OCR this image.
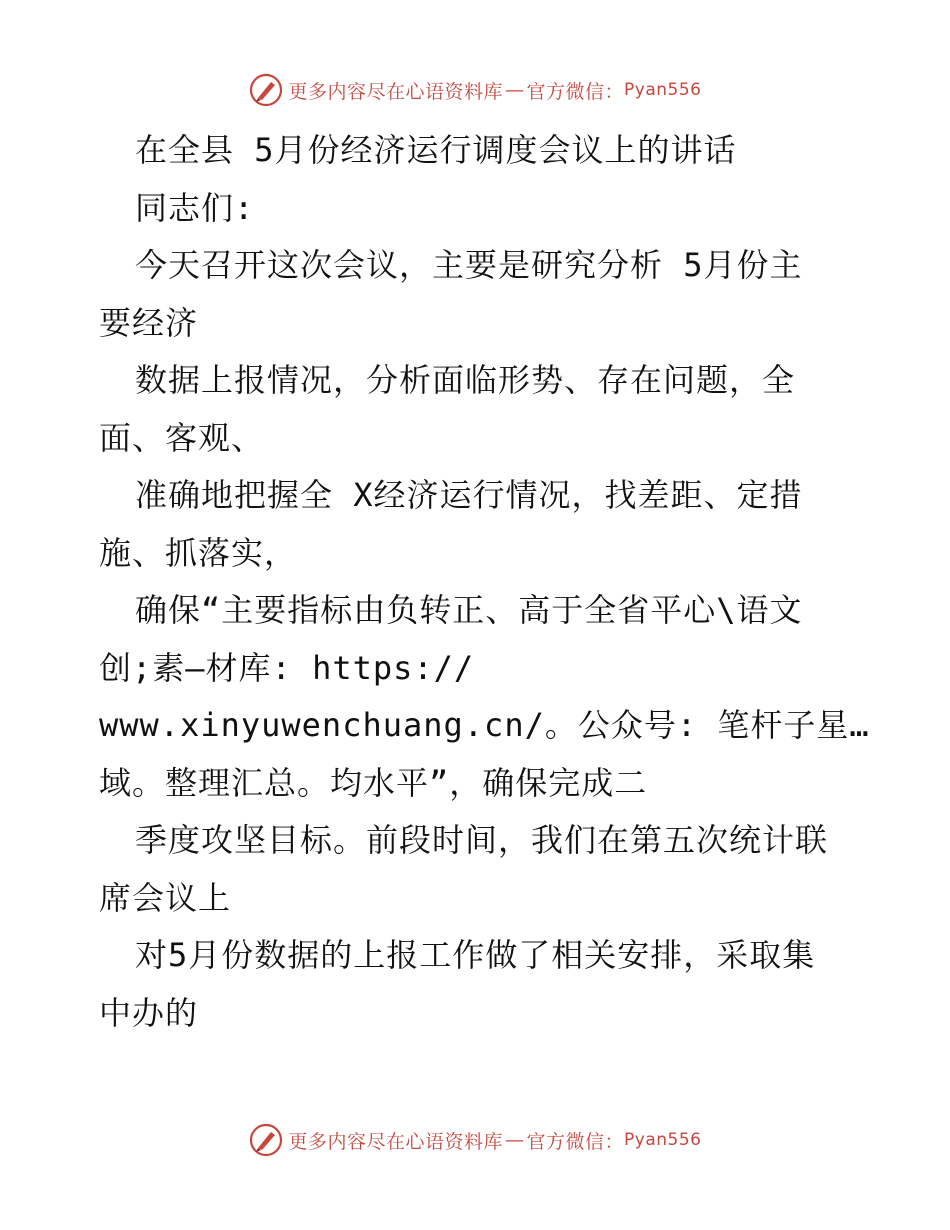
更多内容尽在心语资料库 — 官方微信： Pyan556
在全县 5月份经济运行调度会议上的讲话
同志们:
今天召开这次会议，主要是研究分析 5月份主
要经济
数据上报情况，分析面临形势、存在问题，全
面、客观、
准确地把握全 X经济运行情况，找差距、定措
施、抓落实，
确保“主要指标由负转正、高于全省平心\语文
创;素—材库: https://
www.xinyuwenchuang.cn/。公众号: 笔杆子星…
域。整理汇总。均水平”，确保完成二
季度攻坚目标。前段时间，我们在第五次统计联
席会议上
对5月份数据的上报工作做了相关安排，采取集
中办的
更多内容尽在心语资料库 — 官方微信： Pyan556
